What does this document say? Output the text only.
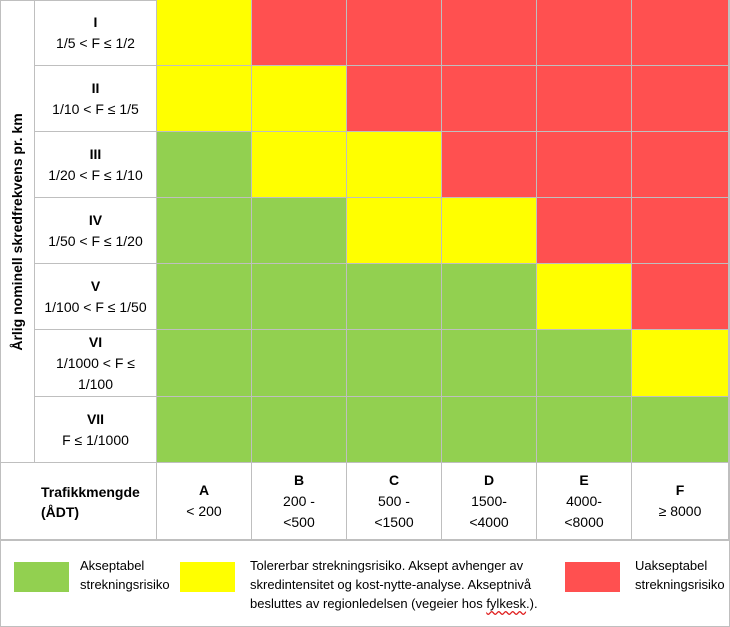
Årlig nominell skredfrekvens pr. km
I
1/5 < F ≤ 1/2
II
1/10 < F ≤ 1/5
III
1/20 < F ≤ 1/10
IV
1/50 < F ≤ 1/20
V
1/100 < F ≤ 1/50
VI
1/1000 < F ≤ 1/100
VII
F ≤ 1/1000
Trafikkmengde (ÅDT)
A
< 200
B
200 - <500
C
500 - <1500
D
1500- <4000
E
4000- <8000
F
≥ 8000
Akseptabel
strekningsrisiko
Tolererbar strekningsrisiko. Aksept avhenger av
skredintensitet og kost-nytte-analyse. Akseptnivå
besluttes av regionledelsen (vegeier hos fylkesk.).
Uakseptabel
strekningsrisiko
